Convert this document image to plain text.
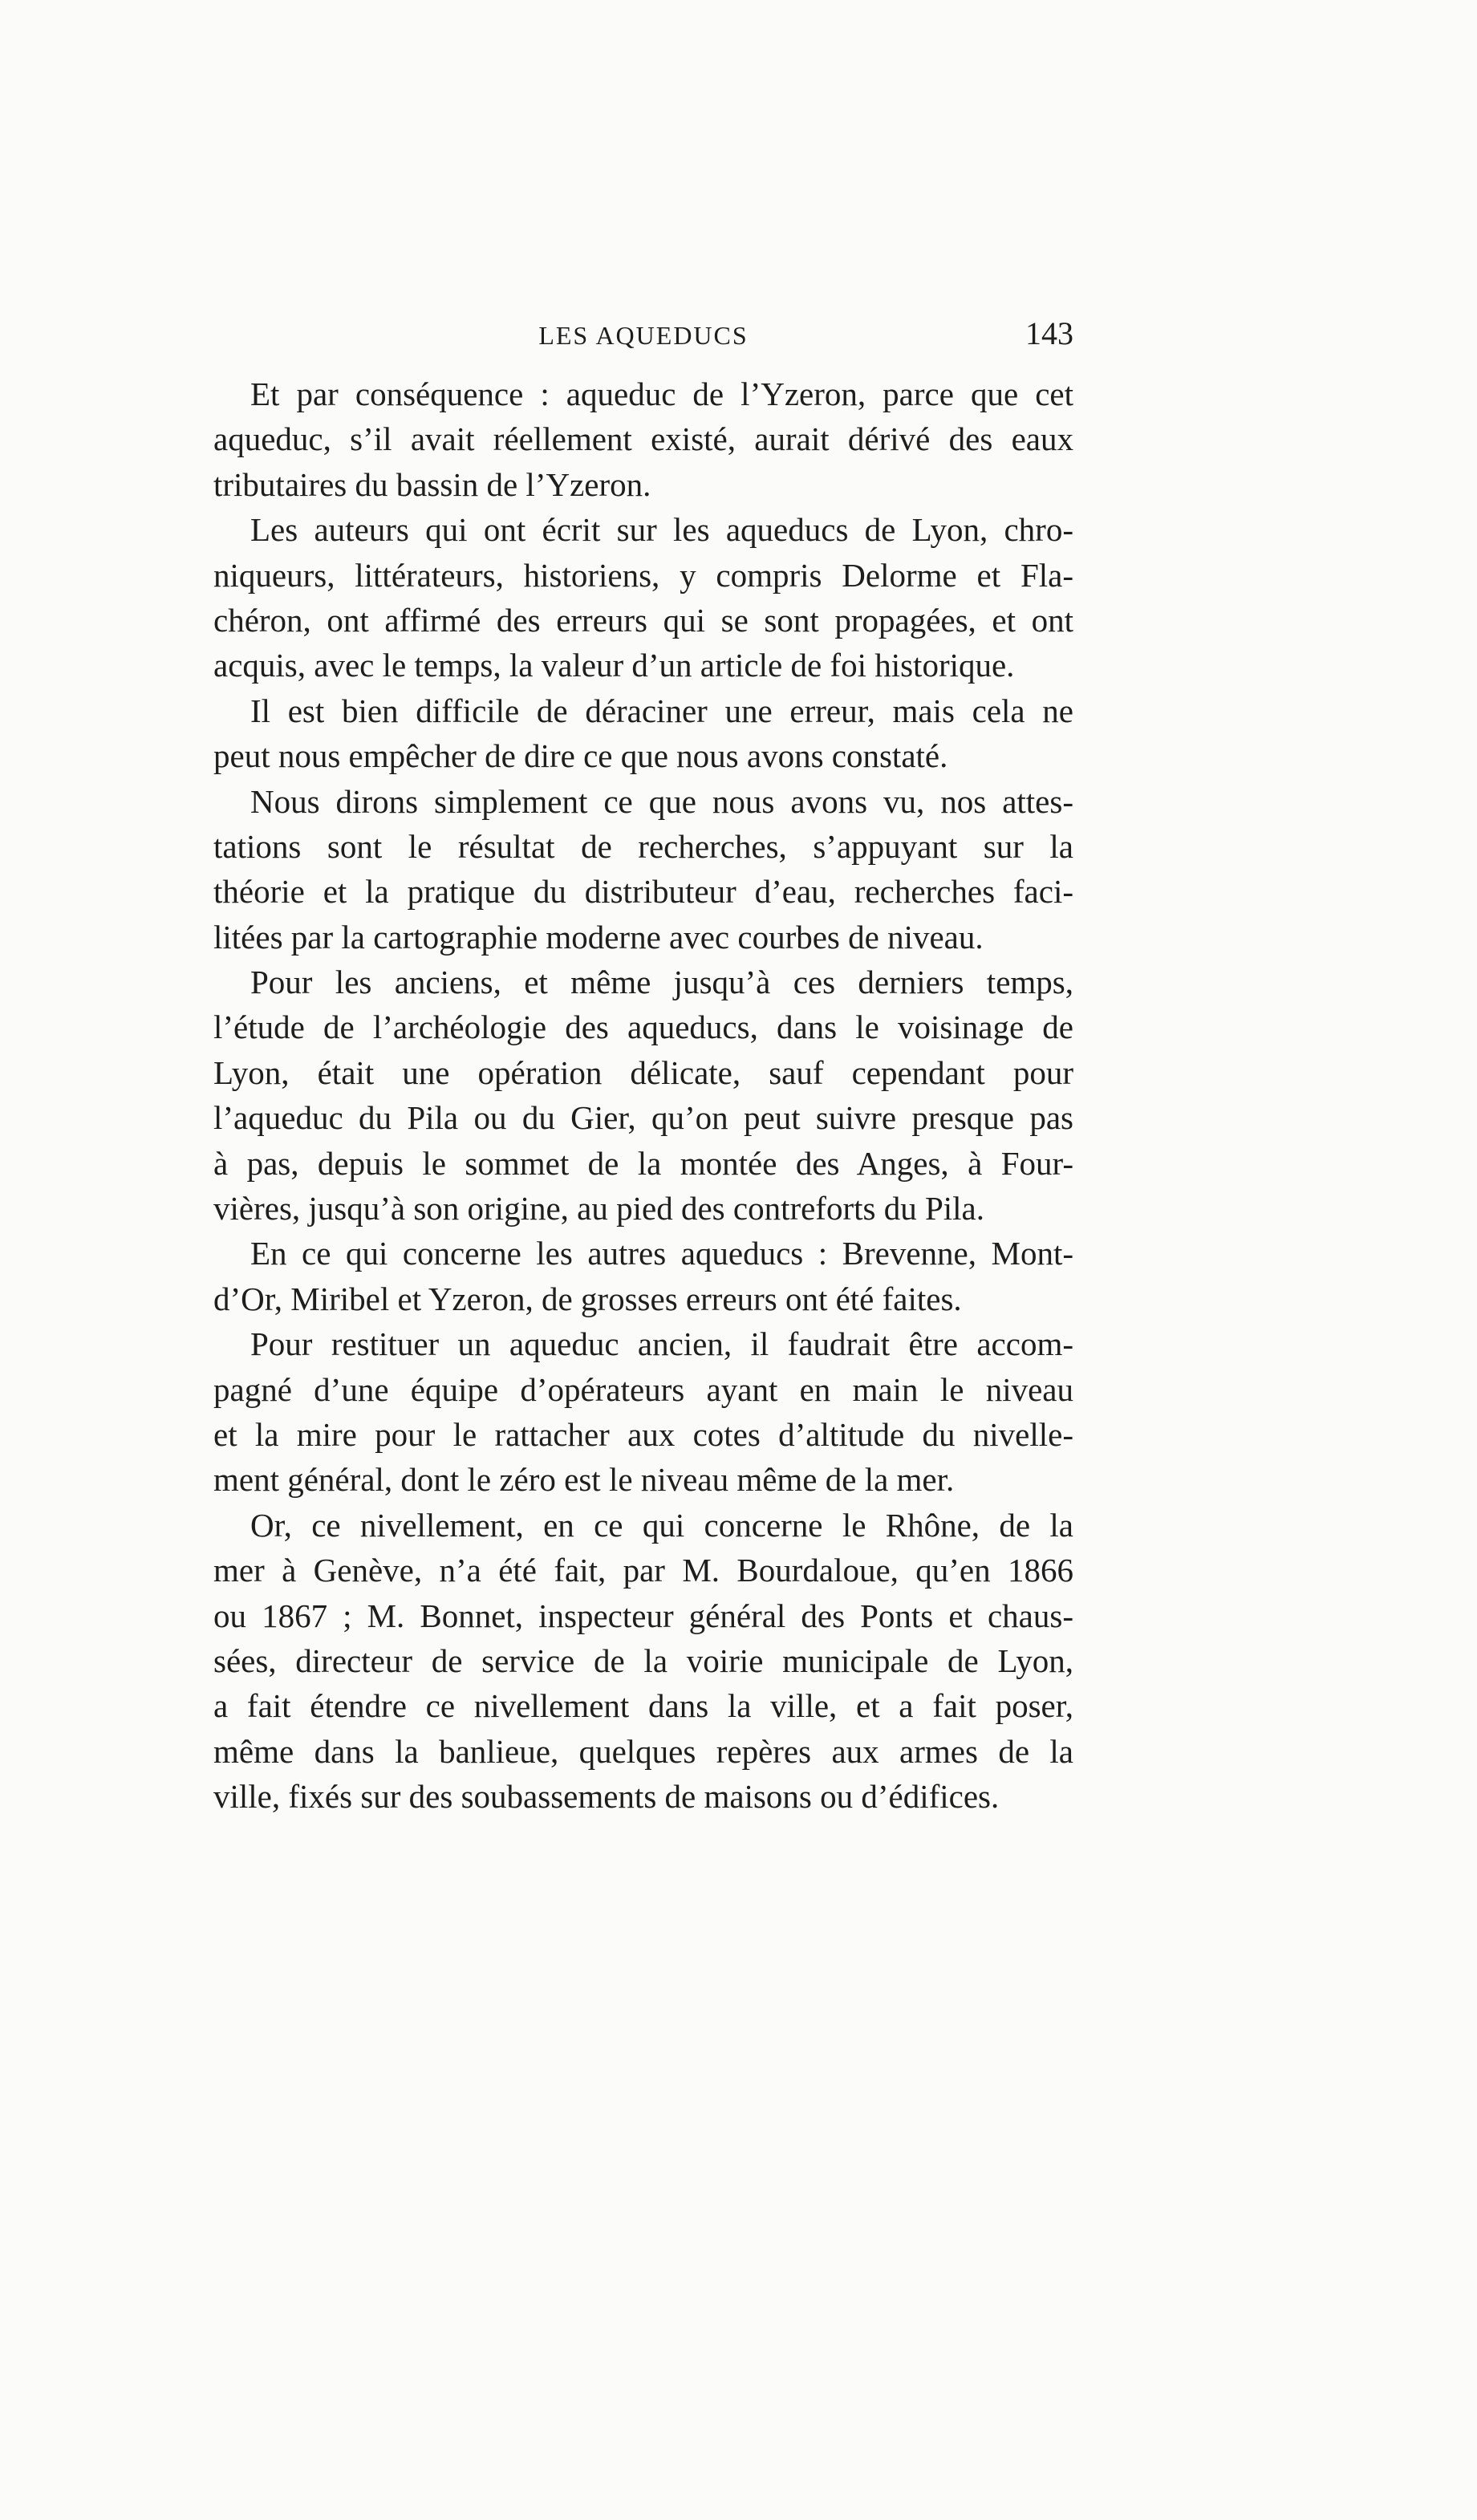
LES AQUEDUCS	143
Et par conséquence : aqueduc de l’Yzeron, parce que cet
aqueduc, s’il avait réellement existé, aurait dérivé des eaux
tributaires du bassin de l’Yzeron.
Les auteurs qui ont écrit sur les aqueducs de Lyon, chro-
niqueurs, littérateurs, historiens, y compris Delorme et Fla-
chéron, ont affirmé des erreurs qui se sont propagées, et ont
acquis, avec le temps, la valeur d’un article de foi historique.
Il est bien difficile de déraciner une erreur, mais cela ne
peut nous empêcher de dire ce que nous avons constaté.
Nous dirons simplement ce que nous avons vu, nos attes-
tations sont le résultat de recherches, s’appuyant sur la
théorie et la pratique du distributeur d’eau, recherches faci-
litées par la cartographie moderne avec courbes de niveau.
Pour les anciens, et même jusqu’à ces derniers temps,
l’étude de l’archéologie des aqueducs, dans le voisinage de
Lyon, était une opération délicate, sauf cependant pour
l’aqueduc du Pila ou du Gier, qu’on peut suivre presque pas
à pas, depuis le sommet de la montée des Anges, à Four-
vières, jusqu’à son origine, au pied des contreforts du Pila.
En ce qui concerne les autres aqueducs : Brevenne, Mont-
d’Or, Miribel et Yzeron, de grosses erreurs ont été faites.
Pour restituer un aqueduc ancien, il faudrait être accom-
pagné d’une équipe d’opérateurs ayant en main le niveau
et la mire pour le rattacher aux cotes d’altitude du nivelle-
ment général, dont le zéro est le niveau même de la mer.
Or, ce nivellement, en ce qui concerne le Rhône, de la
mer à Genève, n’a été fait, par M. Bourdaloue, qu’en 1866
ou 1867 ; M. Bonnet, inspecteur général des Ponts et chaus-
sées, directeur de service de la voirie municipale de Lyon,
a fait étendre ce nivellement dans la ville, et a fait poser,
même dans la banlieue, quelques repères aux armes de la
ville, fixés sur des soubassements de maisons ou d’édifices.
